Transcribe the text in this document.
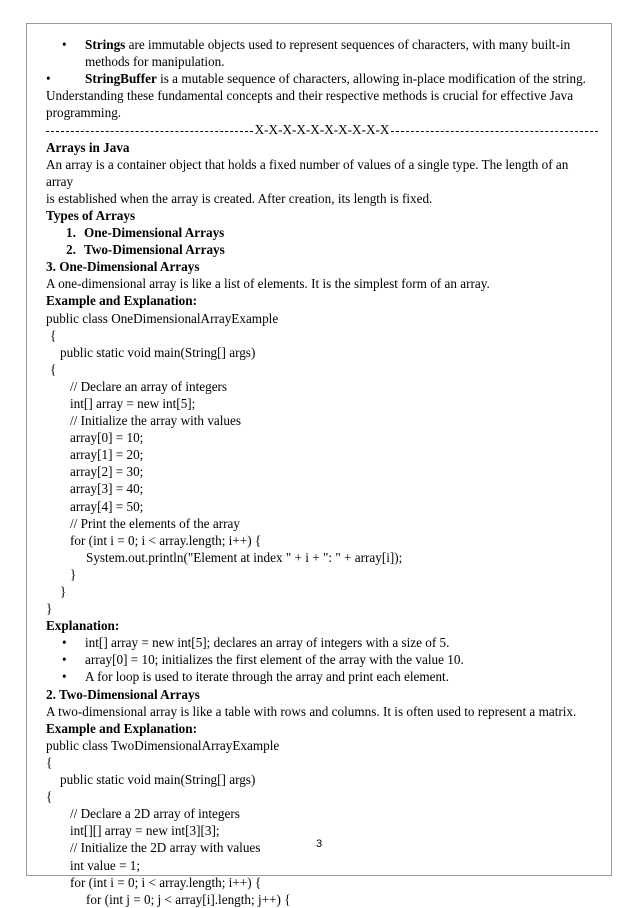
• Strings are immutable objects used to represent sequences of characters, with many built-in

methods for manipulation.

•	StringBuffer is a mutable sequence of characters, allowing in-place modification of the string.

Understanding these fundamental concepts and their respective methods is crucial for effective Java

programming.

X-X-X-X-X-X-X-X-X-X

Arrays in Java

An array is a container object that holds a fixed number of values of a single type. The length of an array

is established when the array is created. After creation, its length is fixed.

Types of Arrays

1. One-Dimensional Arrays

2. Two-Dimensional Arrays

3. One-Dimensional Arrays

A one-dimensional array is like a list of elements. It is the simplest form of an array.

Example and Explanation:

public class OneDimensionalArrayExample

{

public static void main(String[] args)

{

// Declare an array of integers

int[] array = new int[5];

// Initialize the array with values

array[0] = 10;

array[1] = 20;

array[2] = 30;

array[3] = 40;

array[4] = 50;

// Print the elements of the array

for (int i = 0; i < array.length; i++) {

System.out.println("Element at index " + i + ": " + array[i]);

}

}

}

Explanation:

• int[] array = new int[5]; declares an array of integers with a size of 5.

• array[0] = 10; initializes the first element of the array with the value 10.

• A for loop is used to iterate through the array and print each element.

2. Two-Dimensional Arrays

A two-dimensional array is like a table with rows and columns. It is often used to represent a matrix.

Example and Explanation:

public class TwoDimensionalArrayExample

{

public static void main(String[] args)

{

// Declare a 2D array of integers

int[][] array = new int[3][3];

// Initialize the 2D array with values

int value = 1;

for (int i = 0; i < array.length; i++) {

for (int j = 0; j < array[i].length; j++) {

3
